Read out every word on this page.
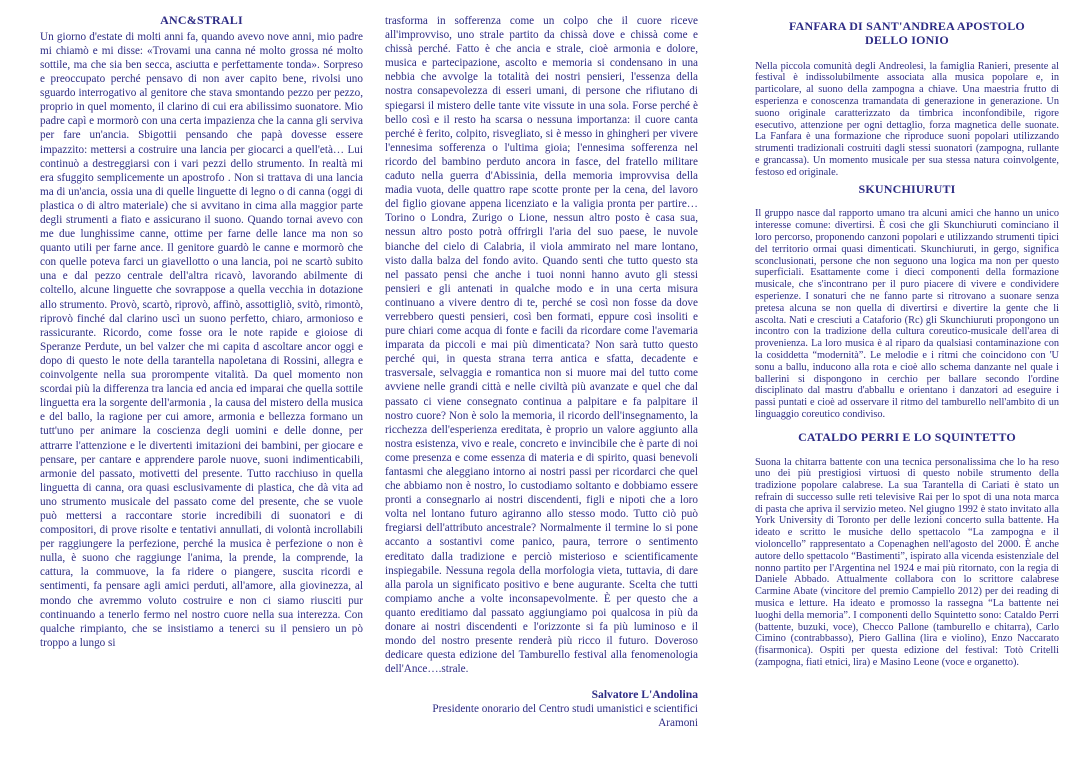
ANC&STRALI

Un giorno d'estate di molti anni fa, quando avevo nove anni, mio padre mi chiamò e mi disse: «Trovami una canna né molto grossa né molto sottile, ma che sia ben secca, asciutta e perfettamente tonda». Sorpreso e preoccupato perché pensavo di non aver capito bene, rivolsi uno sguardo interrogativo al genitore che stava smontando pezzo per pezzo, proprio in quel momento, il clarino di cui era abilissimo suonatore. Mio padre capì e mormorò con una certa impazienza che la canna gli serviva per fare un'ancia. Sbigottii pensando che papà dovesse essere impazzito: mettersi a costruire una lancia per giocarci a quell'età… Lui continuò a destreggiarsi con i vari pezzi dello strumento. In realtà mi era sfuggito semplicemente un apostrofo . Non si trattava di una lancia ma di un'ancia, ossia una di quelle linguette di legno o di canna (oggi di plastica o di altro materiale) che si avvitano in cima alla maggior parte degli strumenti a fiato e assicurano il suono. Quando tornai avevo con me due lunghissime canne, ottime per farne delle lance ma non so quanto utili per farne ance. Il genitore guardò le canne e mormorò che con quelle poteva farci un giavellotto o una lancia, poi ne scartò subito una e dal pezzo centrale dell'altra ricavò, lavorando abilmente di coltello, alcune linguette che sovrappose a quella vecchia in dotazione allo strumento. Provò, scartò, riprovò, affinò, assottigliò, svitò, rimontò, riprovò finché dal clarino uscì un suono perfetto, chiaro, armonioso e rassicurante. Ricordo, come fosse ora le note rapide e gioiose di Speranze Perdute, un bel valzer che mi capita d ascoltare ancor oggi e dopo di questo le note della tarantella napoletana di Rossini, allegra e coinvolgente nella sua prorompente vitalità. Da quel momento non scordai più la differenza tra lancia ed ancia ed imparai che quella sottile linguetta era la sorgente dell'armonia , la causa del mistero della musica e del ballo, la ragione per cui amore, armonia e bellezza formano un tutt'uno per animare la coscienza degli uomini e delle donne, per attrarre l'attenzione e le divertenti imitazioni dei bambini, per giocare e pensare, per cantare e apprendere parole nuove, suoni indimenticabili, armonie del passato, motivetti del presente. Tutto racchiuso in quella linguetta di canna, ora quasi esclusivamente di plastica, che dà vita ad uno strumento musicale del passato come del presente, che se vuole può mettersi a raccontare storie incredibili di suonatori e di compositori, di prove risolte e tentativi annullati, di volontà incrollabili per raggiungere la perfezione, perché la musica è perfezione o non è nulla, è suono che raggiunge l'anima, la prende, la comprende, la cattura, la commuove, la fa ridere o piangere, suscita ricordi e sentimenti, fa pensare agli amici perduti, all'amore, alla giovinezza, al mondo che avremmo voluto costruire e non ci siamo riusciti pur continuando a tenerlo fermo nel nostro cuore nella sua interezza. Con qualche rimpianto, che se insistiamo a tenerci su il pensiero un pò troppo a lungo si

trasforma in sofferenza come un colpo che il cuore riceve all'improvviso, uno strale partito da chissà dove e chissà come e chissà perché. Fatto è che ancia e strale, cioè armonia e dolore, musica e partecipazione, ascolto e memoria si condensano in una nebbia che avvolge la totalità dei nostri pensieri, l'essenza della nostra consapevolezza di esseri umani, di persone che rifiutano di spiegarsi il mistero delle tante vite vissute in una sola. Forse perché è bello così e il resto ha scarsa o nessuna importanza: il cuore canta perché è ferito, colpito, risvegliato, si è messo in ghingheri per vivere l'ennesima sofferenza o l'ultima gioia; l'ennesima sofferenza nel ricordo del bambino perduto ancora in fasce, del fratello militare caduto nella guerra d'Abissinia, della memoria improvvisa della madia vuota, delle quattro rape scotte pronte per la cena, del lavoro del figlio giovane appena licenziato e la valigia pronta per partire…Torino o Londra, Zurigo o Lione, nessun altro posto è casa sua, nessun altro posto potrà offrirgli l'aria del suo paese, le nuvole bianche del cielo di Calabria, il viola ammirato nel mare lontano, visto dalla balza del fondo avito. Quando senti che tutto questo sta nel passato pensi che anche i tuoi nonni hanno avuto gli stessi pensieri e gli antenati in qualche modo e in una certa misura continuano a vivere dentro di te, perché se così non fosse da dove verrebbero questi pensieri, così ben formati, eppure così insoliti e pure chiari come acqua di fonte e facili da ricordare come l'avemaria imparata da piccoli e mai più dimenticata? Non sarà tutto questo perché qui, in questa strana terra antica e sfatta, decadente e trasversale, selvaggia e romantica non si muore mai del tutto come avviene nelle grandi città e nelle civiltà più avanzate e quel che dal passato ci viene consegnato continua a palpitare e fa palpitare il nostro cuore? Non è solo la memoria, il ricordo dell'insegnamento, la ricchezza dell'esperienza ereditata, è proprio un valore aggiunto alla nostra esistenza, vivo e reale, concreto e invincibile che è parte di noi come presenza e come essenza di materia e di spirito, quasi benevoli fantasmi che aleggiano intorno ai nostri passi per ricordarci che quel che abbiamo non è nostro, lo custodiamo soltanto e dobbiamo essere pronti a consegnarlo ai nostri discendenti, figli e nipoti che a loro volta nel lontano futuro agiranno allo stesso modo. Tutto ciò può fregiarsi dell'attributo ancestrale? Normalmente il termine lo si pone accanto a sostantivi come panico, paura, terrore o sentimento ereditato dalla tradizione e perciò misterioso e scientificamente inspiegabile. Nessuna regola della morfologia vieta, tuttavia, di dare alla parola un significato positivo e bene augurante. Scelta che tutti compiamo anche a volte inconsapevolmente. È per questo che a quanto ereditiamo dal passato aggiungiamo poi qualcosa in più da donare ai nostri discendenti e l'orizzonte si fa più luminoso e il mondo del nostro presente renderà più ricco il futuro. Doveroso dedicare questa edizione del Tamburello festival alla fenomenologia dell'Ance….strale.

Salvatore L'Andolina
Presidente onorario del Centro studi umanistici e scientifici
Aramoni
FANFARA DI SANT'ANDREA APOSTOLO
DELLO IONIO

Nella piccola comunità degli Andreolesi, la famiglia Ranieri, presente al festival è indissolubilmente associata alla musica popolare e, in particolare, al suono della zampogna a chiave. Una maestria frutto di esperienza e conoscenza tramandata di generazione in generazione. Un suono originale caratterizzato da timbrica inconfondibile, rigore esecutivo, attenzione per ogni dettaglio, forza magnetica delle suonate. La Fanfara è una formazione che riproduce suoni popolari utilizzando strumenti tradizionali costruiti dagli stessi suonatori (zampogna, rullante e grancassa). Un momento musicale per sua stessa natura coinvolgente, festoso ed originale.

SKUNCHIURUTI

Il gruppo nasce dal rapporto umano tra alcuni amici che hanno un unico interesse comune: divertirsi. È così che gli Skunchiuruti cominciano il loro percorso, proponendo canzoni popolari e utilizzando strumenti tipici del territorio ormai quasi dimenticati. Skunchiuruti, in gergo, significa sconclusionati, persone che non seguono una logica ma non per questo superficiali. Esattamente come i dieci componenti della formazione musicale, che s'incontrano per il puro piacere di vivere e condividere esperienze. I sonaturi che ne fanno parte si ritrovano a suonare senza pretesa alcuna se non quella di divertirsi e divertire la gente che li ascolta. Nati e cresciuti a Cataforio (Rc) gli Skunchiuruti propongono un incontro con la tradizione della cultura coreutico-musicale dell'area di provenienza. La loro musica è al riparo da qualsiasi contaminazione con la cosiddetta “modernità”. Le melodie e i ritmi che coincidono con 'U sonu a ballu, inducono alla rota e cioè allo schema danzante nel quale i ballerini si dispongono in cerchio per ballare secondo l'ordine disciplinato dal mastru d'abballu e orientano i danzatori ad eseguire i passi puntati e cioè ad osservare il ritmo del tamburello nell'ambito di un linguaggio coreutico condiviso.

CATALDO PERRI E LO SQUINTETTO

Suona la chitarra battente con una tecnica personalissima che lo ha reso uno dei più prestigiosi virtuosi di questo nobile strumento della tradizione popolare calabrese. La sua Tarantella di Cariati è stato un refrain di successo sulle reti televisive Rai per lo spot di una nota marca di pasta che apriva il servizio meteo. Nel giugno 1992 è stato invitato alla York University di Toronto per delle lezioni concerto sulla battente. Ha ideato e scritto le musiche dello spettacolo “La zampogna e il violoncello” rappresentato a Copenaghen nell'agosto del 2000. È anche autore dello spettacolo “Bastimenti”, ispirato alla vicenda esistenziale del nonno partito per l'Argentina nel 1924 e mai più ritornato, con la regia di Daniele Abbado. Attualmente collabora con lo scrittore calabrese Carmine Abate (vincitore del premio Campiello 2012) per dei reading di musica e letture. Ha ideato e promosso la rassegna “La battente nei luoghi della memoria”. I componenti dello Squintetto sono: Cataldo Perri (battente, buzuki, voce), Checco Pallone (tamburello e chitarra), Carlo Cimino (contrabbasso), Piero Gallina (lira e violino), Enzo Naccarato (fisarmonica). Ospiti per questa edizione del festival: Totò Critelli (zampogna, fiati etnici, lira) e Masino Leone (voce e organetto).
